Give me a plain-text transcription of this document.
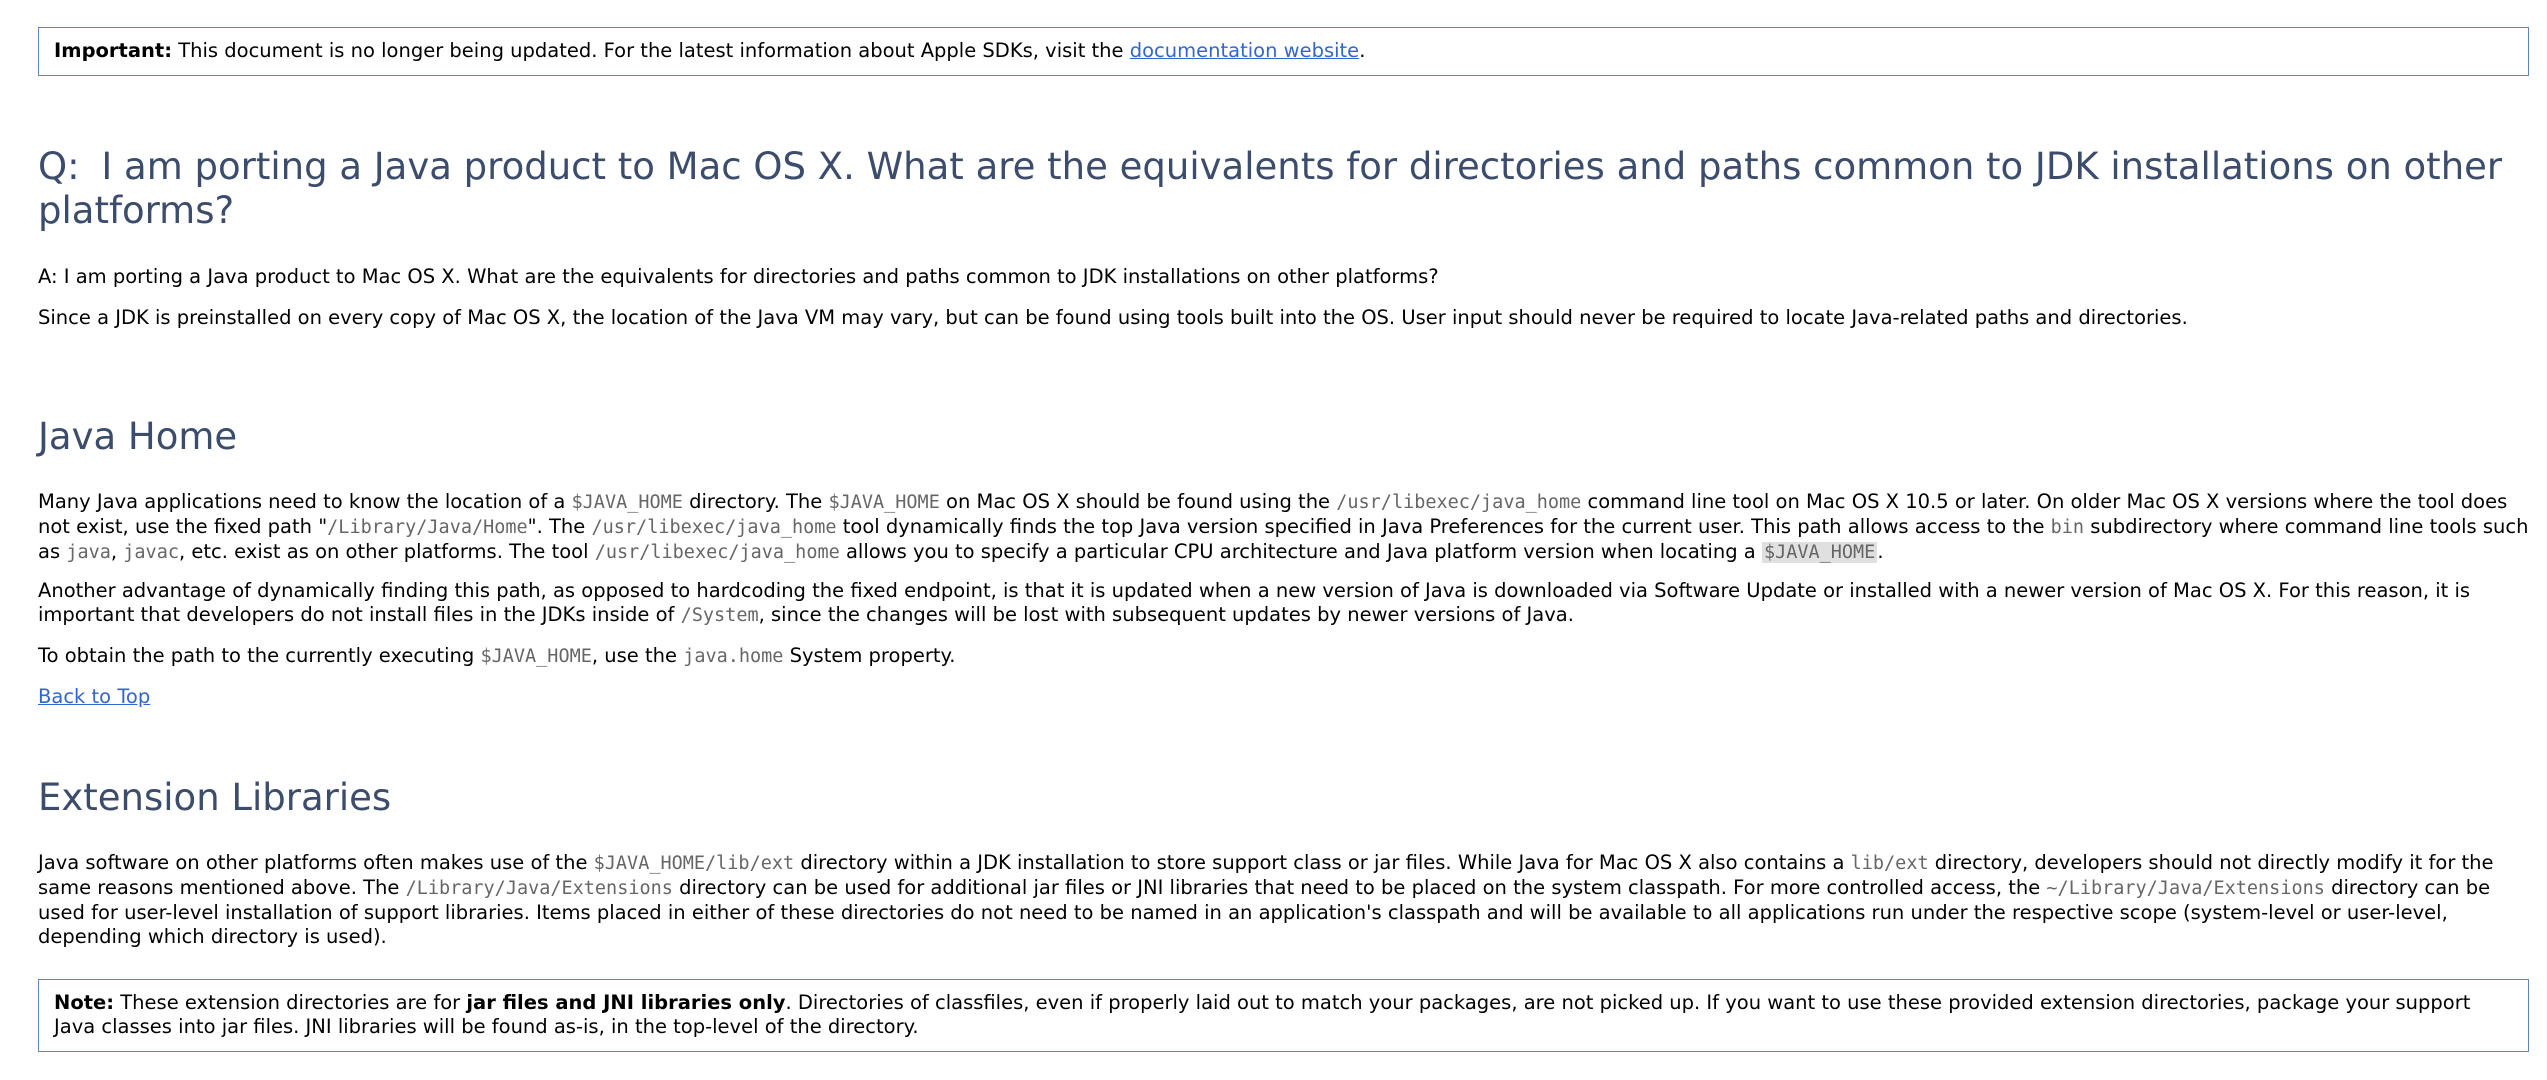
Important: This document is no longer being updated. For the latest information about Apple SDKs, visit the documentation website.
Q: I am porting a Java product to Mac OS X. What are the equivalents for directories and paths common to JDK installations on other platforms?

A: I am porting a Java product to Mac OS X. What are the equivalents for directories and paths common to JDK installations on other platforms?

Since a JDK is preinstalled on every copy of Mac OS X, the location of the Java VM may vary, but can be found using tools built into the OS. User input should never be required to locate Java-related paths and directories.

Java Home

Many Java applications need to know the location of a $JAVA_HOME directory. The $JAVA_HOME on Mac OS X should be found using the /usr/libexec/java_home command line tool on Mac OS X 10.5 or later. On older Mac OS X versions where the tool does not exist, use the fixed path "/Library/Java/Home". The /usr/libexec/java_home tool dynamically finds the top Java version specified in Java Preferences for the current user. This path allows access to the bin subdirectory where command line tools such as java, javac, etc. exist as on other platforms. The tool /usr/libexec/java_home allows you to specify a particular CPU architecture and Java platform version when locating a $JAVA_HOME .

Another advantage of dynamically finding this path, as opposed to hardcoding the fixed endpoint, is that it is updated when a new version of Java is downloaded via Software Update or installed with a newer version of Mac OS X. For this reason, it is important that developers do not install files in the JDKs inside of /System, since the changes will be lost with subsequent updates by newer versions of Java.

To obtain the path to the currently executing $JAVA_HOME, use the java.home System property.

Back to Top

Extension Libraries

Java software on other platforms often makes use of the $JAVA_HOME/lib/ext directory within a JDK installation to store support class or jar files. While Java for Mac OS X also contains a lib/ext directory, developers should not directly modify it for the same reasons mentioned above. The /Library/Java/Extensions directory can be used for additional jar files or JNI libraries that need to be placed on the system classpath. For more controlled access, the ~/Library/Java/Extensions directory can be used for user-level installation of support libraries. Items placed in either of these directories do not need to be named in an application's classpath and will be available to all applications run under the respective scope (system-level or user-level, depending which directory is used).

Note: These extension directories are for jar files and JNI libraries only. Directories of classfiles, even if properly laid out to match your packages, are not picked up. If you want to use these provided extension directories, package your support Java classes into jar files. JNI libraries will be found as-is, in the top-level of the directory.
